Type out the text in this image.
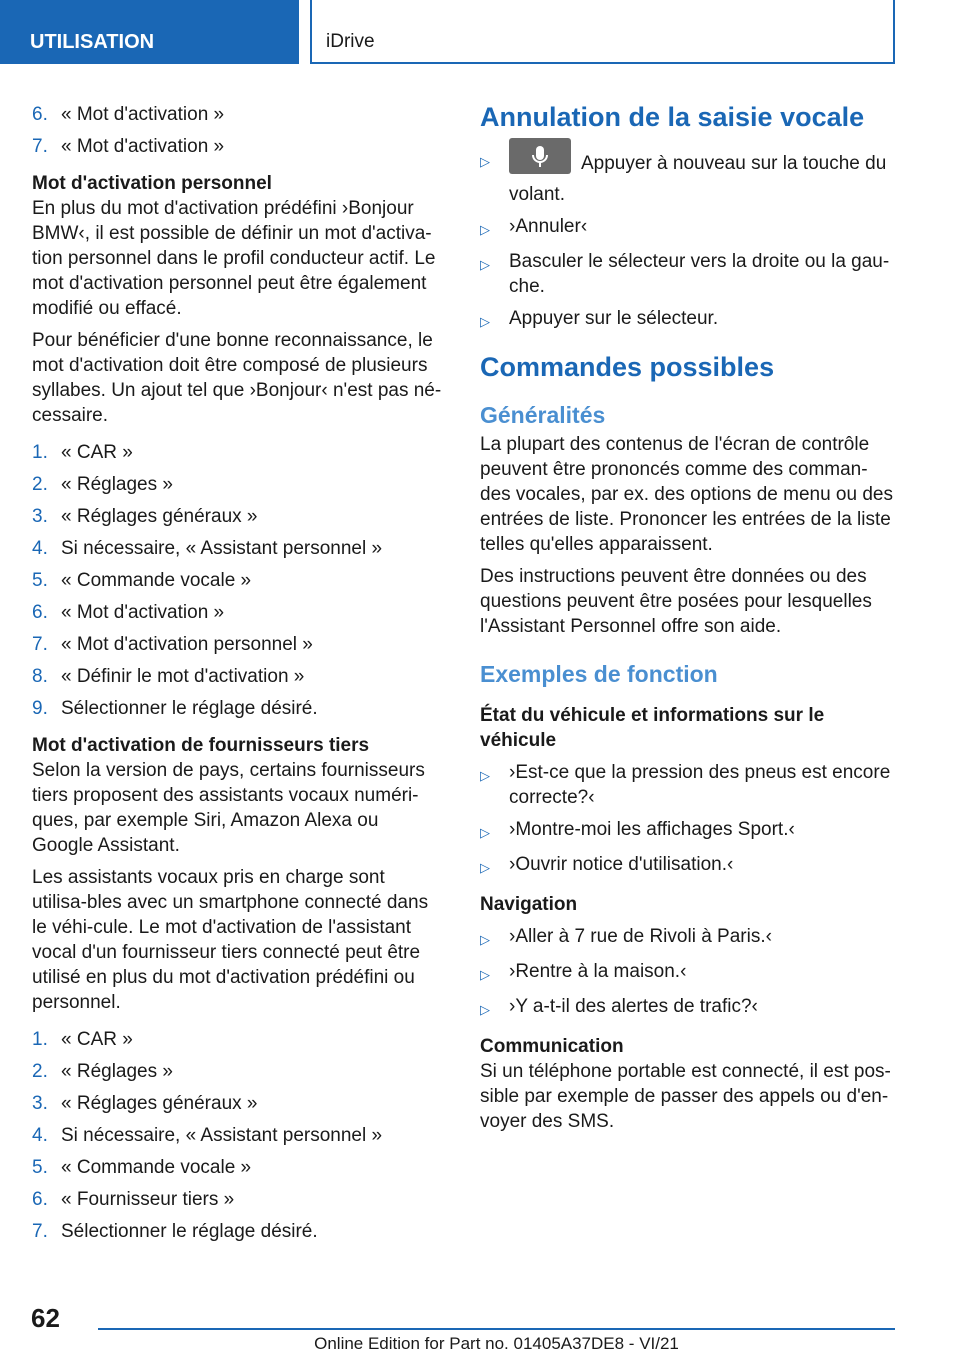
UTILISATION	iDrive
6. « Mot d'activation »
7. « Mot d'activation »
Mot d'activation personnel

En plus du mot d'activation prédéfini ›Bonjour BMW‹, il est possible de définir un mot d'activa‐tion personnel dans le profil conducteur actif. Le mot d'activation personnel peut être également modifié ou effacé.

Pour bénéficier d'une bonne reconnaissance, le mot d'activation doit être composé de plusieurs syllabes. Un ajout tel que ›Bonjour‹ n'est pas né‐cessaire.

1. « CAR »
2. « Réglages »
3. « Réglages généraux »
4. Si nécessaire, « Assistant personnel »
5. « Commande vocale »
6. « Mot d'activation »
7. « Mot d'activation personnel »
8. « Définir le mot d'activation »
9. Sélectionner le réglage désiré.
Mot d'activation de fournisseurs tiers

Selon la version de pays, certains fournisseurs tiers proposent des assistants vocaux numéri‐ques, par exemple Siri, Amazon Alexa ou Google Assistant.

Les assistants vocaux pris en charge sont utilisa‐bles avec un smartphone connecté dans le véhi‐cule. Le mot d'activation de l'assistant vocal d'un fournisseur tiers connecté peut être utilisé en plus du mot d'activation prédéfini ou personnel.

1. « CAR »
2. « Réglages »
3. « Réglages généraux »
4. Si nécessaire, « Assistant personnel »
5. « Commande vocale »
6. « Fournisseur tiers »
7. Sélectionner le réglage désiré.
Annulation de la saisie vocale
▷	Appuyer à nouveau sur la touche du volant.
▷	›Annuler‹
▷	Basculer le sélecteur vers la droite ou la gau‐che.
▷	Appuyer sur le sélecteur.
Commandes possibles
Généralités

La plupart des contenus de l'écran de contrôle peuvent être prononcés comme des comman‐des vocales, par ex. des options de menu ou des entrées de liste. Prononcer les entrées de la liste telles qu'elles apparaissent.

Des instructions peuvent être données ou des questions peuvent être posées pour lesquelles l'Assistant Personnel offre son aide.

Exemples de fonction
État du véhicule et informations sur le véhicule
▷	›Est-ce que la pression des pneus est encore correcte?‹
▷	›Montre-moi les affichages Sport.‹
▷	›Ouvrir notice d'utilisation.‹
Navigation
▷	›Aller à 7 rue de Rivoli à Paris.‹
▷	›Rentre à la maison.‹
▷	›Y a-t-il des alertes de trafic?‹
Communication

Si un téléphone portable est connecté, il est pos‐sible par exemple de passer des appels ou d'en‐voyer des SMS.

62
Online Edition for Part no. 01405A37DE8 - VI/21
